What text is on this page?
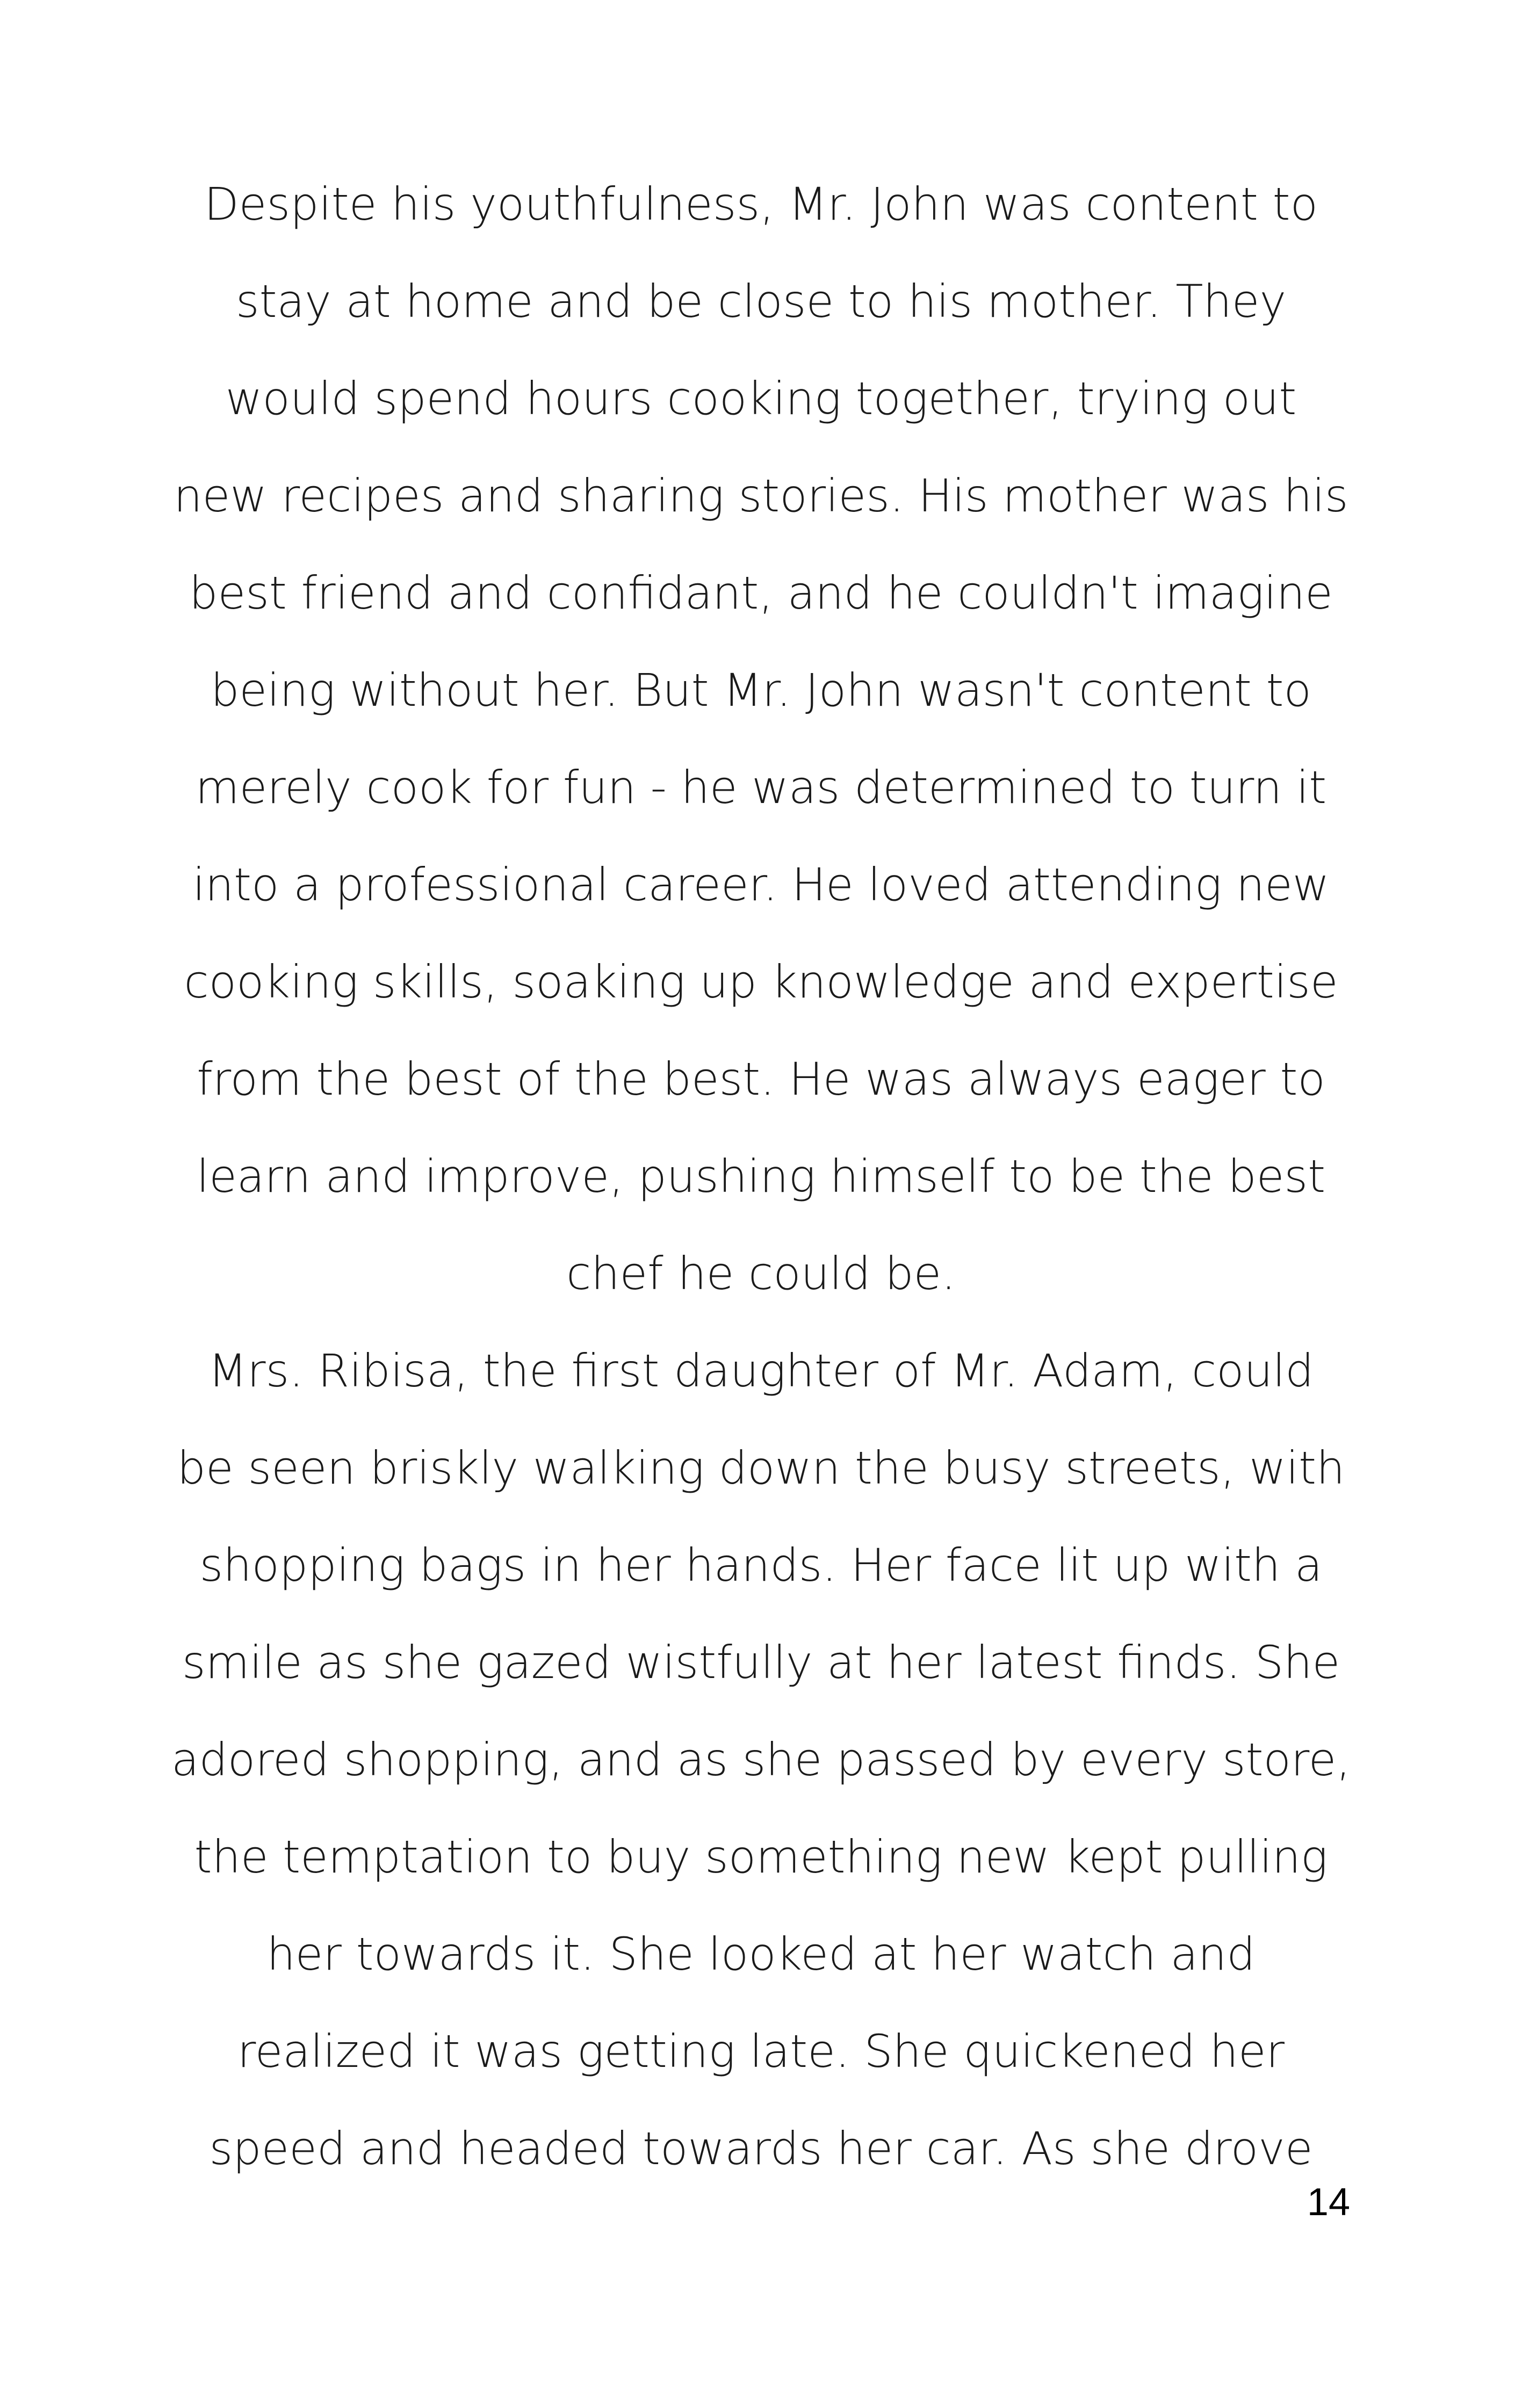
Despite his youthfulness, Mr. John was content to
stay at home and be close to his mother. They
would spend hours cooking together, trying out
new recipes and sharing stories. His mother was his
best friend and confidant, and he couldn't imagine
being without her. But Mr. John wasn't content to
merely cook for fun - he was determined to turn it
into a professional career. He loved attending new
cooking skills, soaking up knowledge and expertise
from the best of the best. He was always eager to
learn and improve, pushing himself to be the best
chef he could be.
Mrs. Ribisa, the first daughter of Mr. Adam, could
be seen briskly walking down the busy streets, with
shopping bags in her hands. Her face lit up with a
smile as she gazed wistfully at her latest finds. She
adored shopping, and as she passed by every store,
the temptation to buy something new kept pulling
her towards it. She looked at her watch and
realized it was getting late. She quickened her
speed and headed towards her car. As she drove
14
